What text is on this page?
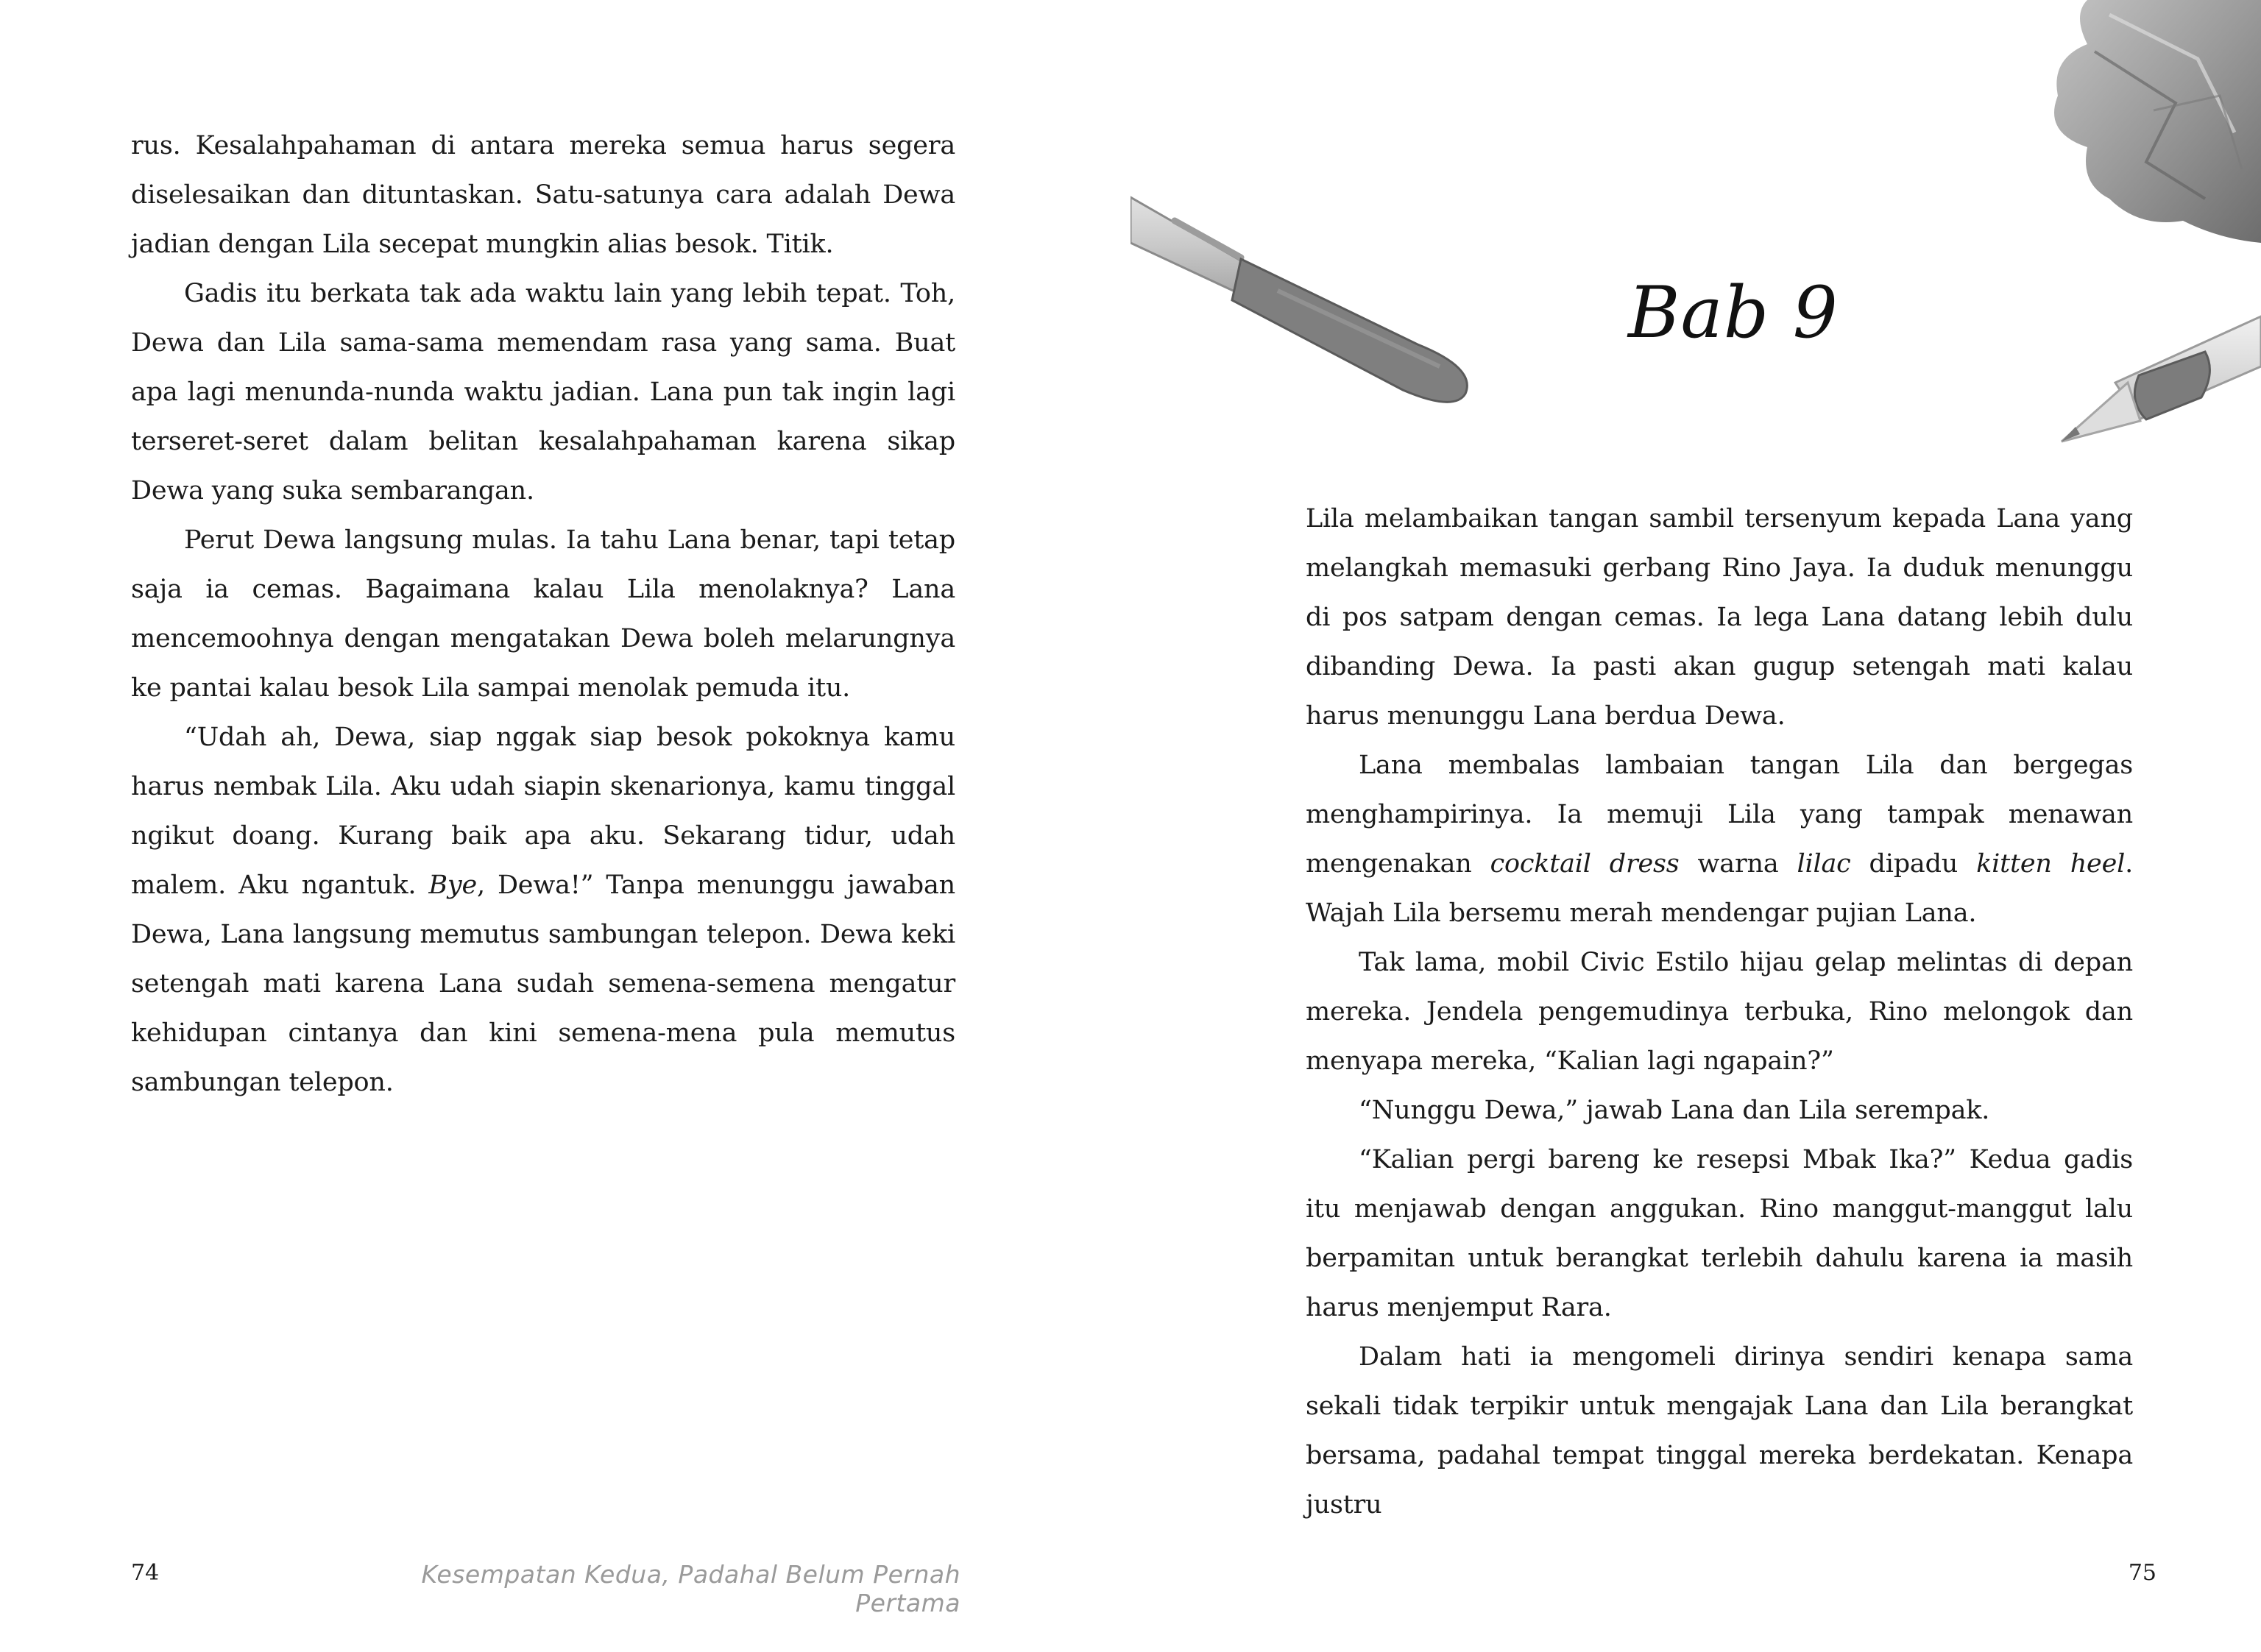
rus. Kesalahpahaman di antara mereka semua harus segera diselesaikan dan dituntaskan. Satu-satunya cara adalah Dewa jadian dengan Lila secepat mungkin alias besok. Titik.

Gadis itu berkata tak ada waktu lain yang lebih tepat. Toh, Dewa dan Lila sama-sama memendam rasa yang sama. Buat apa lagi menunda-nunda waktu jadian. Lana pun tak ingin lagi terseret-seret dalam belitan kesalahpahaman karena sikap Dewa yang suka sembarangan.

Perut Dewa langsung mulas. Ia tahu Lana benar, tapi tetap saja ia cemas. Bagaimana kalau Lila menolaknya? Lana mencemoohnya dengan mengatakan Dewa boleh melarungnya ke pantai kalau besok Lila sampai menolak pemuda itu.

“Udah ah, Dewa, siap nggak siap besok pokoknya kamu harus nembak Lila. Aku udah siapin skenarionya, kamu tinggal ngikut doang. Kurang baik apa aku. Sekarang tidur, udah malem. Aku ngantuk. Bye, Dewa!” Tanpa menunggu jawaban Dewa, Lana langsung memutus sambungan telepon. Dewa keki setengah mati karena Lana sudah semena-semena mengatur kehidupan cintanya dan kini semena-mena pula memutus sambungan telepon.

74	Kesempatan Kedua, Padahal Belum Pernah Pertama
Bab 9

Lila melambaikan tangan sambil tersenyum kepada Lana yang melangkah memasuki gerbang Rino Jaya. Ia duduk menunggu di pos satpam dengan cemas. Ia lega Lana datang lebih dulu dibanding Dewa. Ia pasti akan gugup setengah mati kalau harus menunggu Lana berdua Dewa.

Lana membalas lambaian tangan Lila dan bergegas menghampirinya. Ia memuji Lila yang tampak menawan mengenakan cocktail dress warna lilac dipadu kitten heel. Wajah Lila bersemu merah mendengar pujian Lana.

Tak lama, mobil Civic Estilo hijau gelap melintas di depan mereka. Jendela pengemudinya terbuka, Rino melongok dan menyapa mereka, “Kalian lagi ngapain?”

“Nunggu Dewa,” jawab Lana dan Lila serempak.

“Kalian pergi bareng ke resepsi Mbak Ika?” Kedua gadis itu menjawab dengan anggukan. Rino manggut-manggut lalu berpamitan untuk berangkat terlebih dahulu karena ia masih harus menjemput Rara.

Dalam hati ia mengomeli dirinya sendiri kenapa sama sekali tidak terpikir untuk mengajak Lana dan Lila berangkat bersama, padahal tempat tinggal mereka berdekatan. Kenapa justru

75
